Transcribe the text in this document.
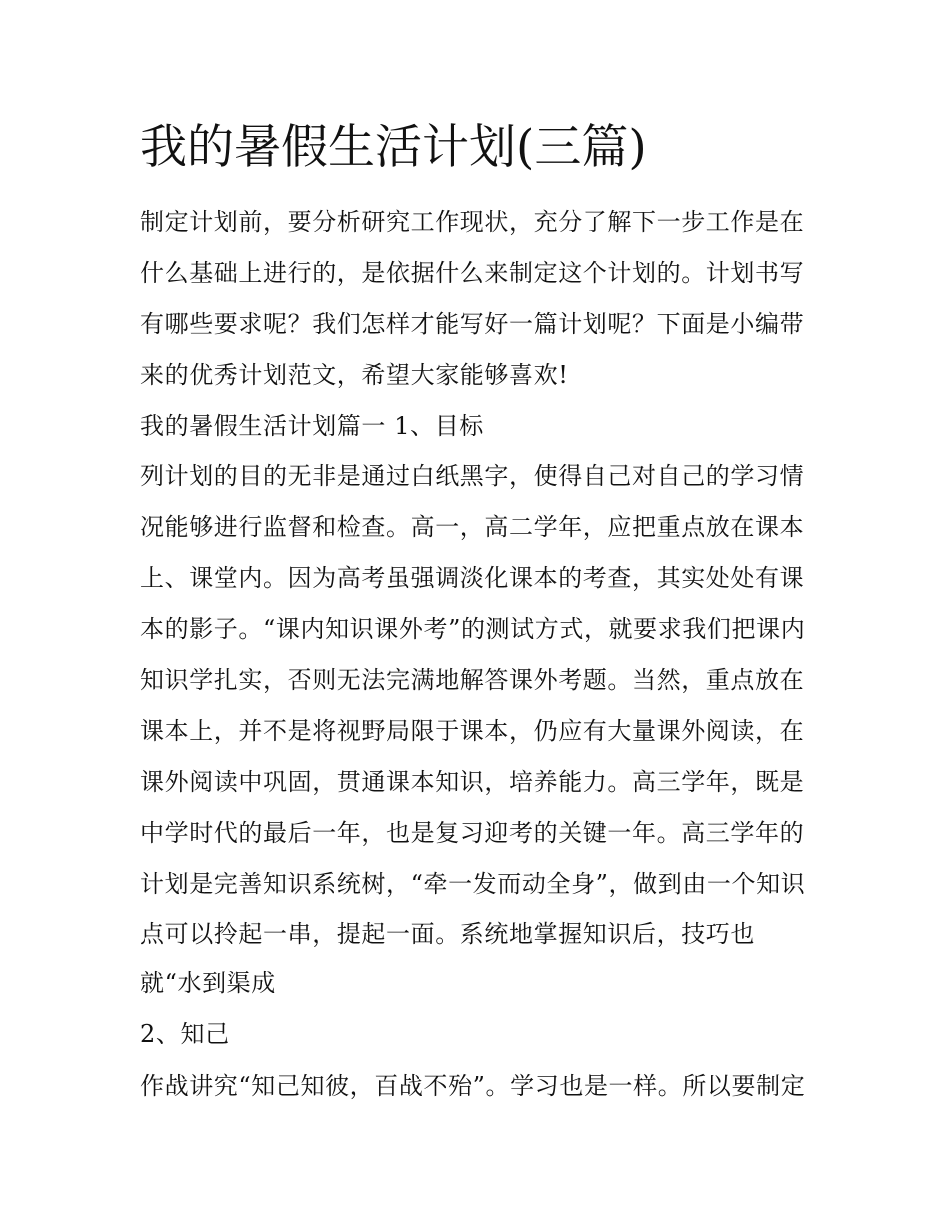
我的暑假生活计划(三篇)

制定计划前，要分析研究工作现状，充分了解下一步工作是在

什么基础上进行的，是依据什么来制定这个计划的。计划书写

有哪些要求呢？我们怎样才能写好一篇计划呢？下面是小编带

来的优秀计划范文，希望大家能够喜欢!

我的暑假生活计划篇一 1、目标

列计划的目的无非是通过白纸黑字，使得自己对自己的学习情

况能够进行监督和检查。高一，高二学年，应把重点放在课本

上、课堂内。因为高考虽强调淡化课本的考查，其实处处有课

本的影子。“课内知识课外考”的测试方式，就要求我们把课内

知识学扎实，否则无法完满地解答课外考题。当然，重点放在

课本上，并不是将视野局限于课本，仍应有大量课外阅读，在

课外阅读中巩固，贯通课本知识，培养能力。高三学年，既是

中学时代的最后一年，也是复习迎考的关键一年。高三学年的

计划是完善知识系统树，“牵一发而动全身”，做到由一个知识

点可以拎起一串，提起一面。系统地掌握知识后，技巧也

就“水到渠成

2、知己

作战讲究“知己知彼，百战不殆”。学习也是一样。所以要制定
